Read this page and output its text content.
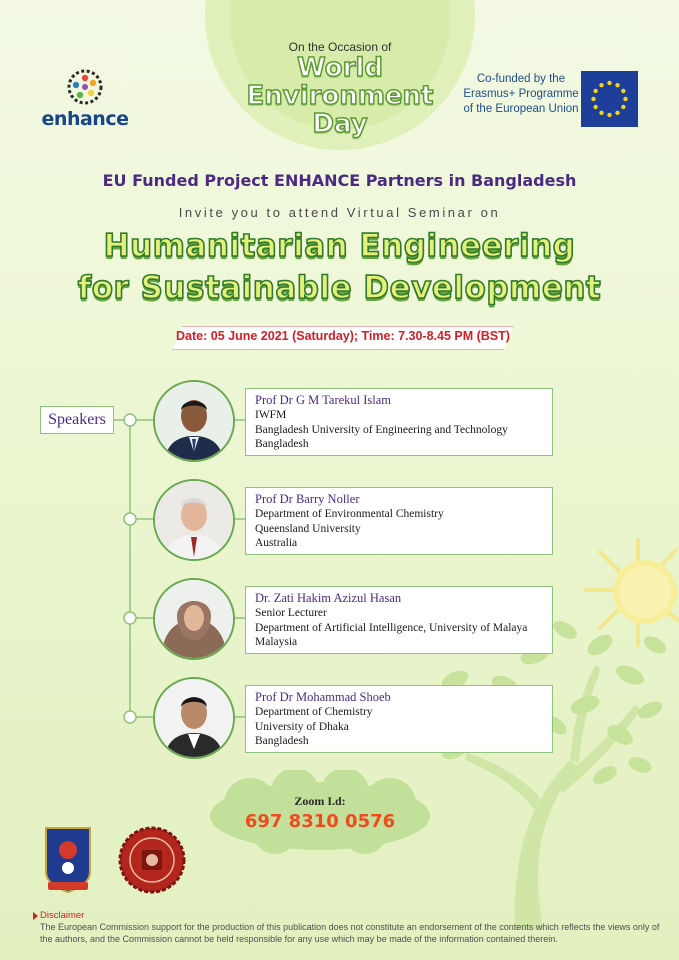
enhance
On the Occasion of
World
Environment
Day
Co-funded by the
Erasmus+ Programme
of the European Union
EU Funded Project ENHANCE Partners in Bangladesh
Invite you to attend Virtual Seminar on
Humanitarian Engineering
for Sustainable Development
Date: 05 June 2021 (Saturday); Time: 7.30-8.45 PM (BST)
Speakers
Prof Dr G M Tarekul Islam
IWFM
Bangladesh University of Engineering and Technology
Bangladesh
Prof Dr Barry Noller
Department of Environmental Chemistry
Queensland University
Australia
Dr. Zati Hakim Azizul Hasan
Senior Lecturer
Department of Artificial Intelligence, University of Malaya
Malaysia
Prof Dr Mohammad Shoeb
Department of Chemistry
University of Dhaka
Bangladesh
Zoom I.d:
697 8310 0576
Disclaimer
The European Commission support for the production of this publication does not constitute an endorsement of the contents which reflects the views only of the authors, and the Commission cannot be held responsible for any use which may be made of the information contained therein.
